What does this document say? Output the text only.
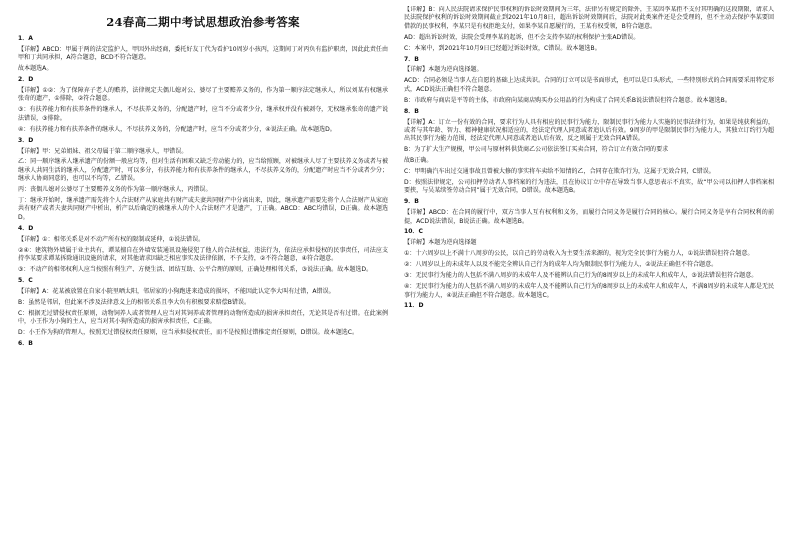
24春高二期中考试思想政治参考答案
1．A
【详解】ABCD：甲属于两的法定监护人，甲因外出经商，委托好友丁代为看护10周岁小孩丙，这期间丁对丙负有监护职责，因此此责任由甲和丁共同承担，A符合题意，BCD不符合题意。
故本题选A。
2．D
【详解】①②：为了保障弃子老人的赡养，法律规定夫偶儿媳对公、婆尽了主要赡养义务的，作为第一顺序法定继承人，所以刘某有权继承张奇的遗产，①排除，②符合题意。
③：有扶养能力和有扶养条件的继承人，不尽扶养义务的，分配遗产时，应当不分或者少分，继承权并没有被剥夺，无权继承张奇的遗产说法错误，③排除。
④：有扶养能力和有扶养条件的继承人，不尽扶养义务的，分配遗产时，应当不分或者少分，④说法正确。故本题选D。
3．D
【详解】甲：兄弟姐妹、祖父母属于第二顺序继承人，甲错误。
乙：同一顺序继承人继承遗产的份额一般应均等，但对生活有困难又缺乏劳动能力的，应当给照顾，对被继承人尽了主要扶养义务或者与被继承人共同生活的继承人，分配遗产时，可以多分，有扶养能力和有扶养条件的继承人，不尽扶养义务的，分配遗产时应当不分或者少分；继承人协商同意的，也可以不均等，乙错误。
丙：丧偶儿媳对公婆尽了主要赡养义务的作为第一顺序继承人，丙错误。
丁：继承开始时，继承遗产需先将个人合法财产从家庭共有财产或夫妻共同财产中分离出来，因此，继承遗产需要先将个人合法财产从家庭共有财产或者夫妻共同财产中析出，析产以后确定的被继承人的个人合法财产才是遗产，丁正确。ABCD：ABC均错误，D正确。故本题选D。
4．D
【详解】①：相邻关系是对不动产所有权的限制或延伸，①说法错误。
②④：建筑物外墙属于业主共有，谭某擅自在外墙安装通讯设施侵犯了他人的合法权益，违法行为，依法应承担侵权的民事责任，司法应支持李某要求谭某拆除通讯设施的请求，对其他请求因缺乏相应事实及法律依据，不予支持，②不符合题意，④符合题意。
③：不动产的相邻权利人应当按照有利生产、方便生活、团结互助、公平合理的原则，正确处理相邻关系，③说法正确。故本题选D。
5．C
【详解】A：花某被放置在自家小院里晒太阳，邻居家的小狗跑进来造成的损坏，不能因此认定李大叫有过错，A错误。
B：虽然是邻居，但此案不涉及法律意义上的相邻关系且李大负有积极要求赔偿B错误。
C：根据无过错侵权责任原则，动物饲养人或者管理人应当对其饲养或者管理的动物所造成的损害承担责任，无论其是否有过错。在此案例中，小王作为小狗的主人，应当对其小狗所造成的损害承担责任，C正确。
D：小王作为狗的管理人，按照无过错侵权责任原则，应当承担侵权责任，而不是按照过错推定责任原则，D错误。故本题选C。
6．B
【详解】B：向人民法院请求保护民事权利的诉讼时效期间为三年，法律另有规定的除外，王某因李某拒不支付其明确的这段期限，请求人民法院保护权利的诉讼时效期间截止到2021年10月8日，超出诉讼时效期间后，法院对此类案件还是会受理的，但不主动去保护李某要回借款的民事权利，李某只是有权拒绝支付，如果李某自愿履行的，王某有权受领，B符合题意。
AD：超出诉讼时效，法院会受理李某的起诉，但不会支持李某的权利保护主张AD错误。
C：本案中，到2021年10月9日已经超过诉讼时效，C错误。故本题选B。
7．B
【详解】本题为逆向选择题。
ACD：合同必须是当事人在自愿的基础上达成共识。合同的订立可以是书面形式，也可以是口头形式，一些特别形式的合同需要采用特定形式，ACD说法正确但不符合题意。
B：市政府与商店是平等的主体，市政府向某商店购买办公用品的行为构成了合同关系B说法错误但符合题意。故本题选B。
8．B
【详解】A：订立一份有效的合同，要求行为人具有相应的民事行为能力，限制民事行为能力人实施的民事法律行为，如果是纯获利益的，或者与其年龄、智力、精神健康状况相适应的，经法定代理人同意或者追认后有效。9周岁的甲是限制民事行为能力人，其独立订约行为超出其民事行为能力范围，经法定代理人同意或者追认后有效，反之则属于无效合同A错误。
B：为了扩大生产规模，甲公司与原材料供货商乙公司依法签订买卖合同，符合订立有效合同的要求
故B正确。
C：甲明确汽车出过交通事故且曾被大修的事实将车卖给不知情的乙，合同存在欺诈行为，这属于无效合同，C错误。
D：按照法律规定，公司扣押劳动者人事档案的行为违法，且在协议订立中存在导致当事人意思表示不真实，故“甲公司以扣押人事档案相要挟，与吴某续签劳动合同”属于无效合同，D错误。故本题选B。
9．B
【详解】ABCD：在合同的履行中，双方当事人互有权利和义务，而履行合同义务是履行合同的核心。履行合同义务是享有合同权利的前提，ACD说法错误，B说法正确。故本题选B。
10．C
【详解】本题为逆向选择题
①：十六周岁以上不满十八周岁的公民，以自己的劳动收入为主要生活来源的，视为完全民事行为能力人，①说法错误但符合题意。
②：八周岁以上的未成年人以及不能完全辨认自己行为的成年人均为限制民事行为能力人，②说法正确但不符合题意。
③：无民事行为能力的人包括不满八周岁的未成年人及不能辨认自己行为的8周岁以上的未成年人和成年人，③说法错误但符合题意。
④：无民事行为能力的人包括不满八周岁的未成年人及不能辨认自己行为的8周岁以上的未成年人和成年人，不满8周岁的未成年人都是无民事行为能力人，④说法正确但不符合题意。故本题选C。
11．D
